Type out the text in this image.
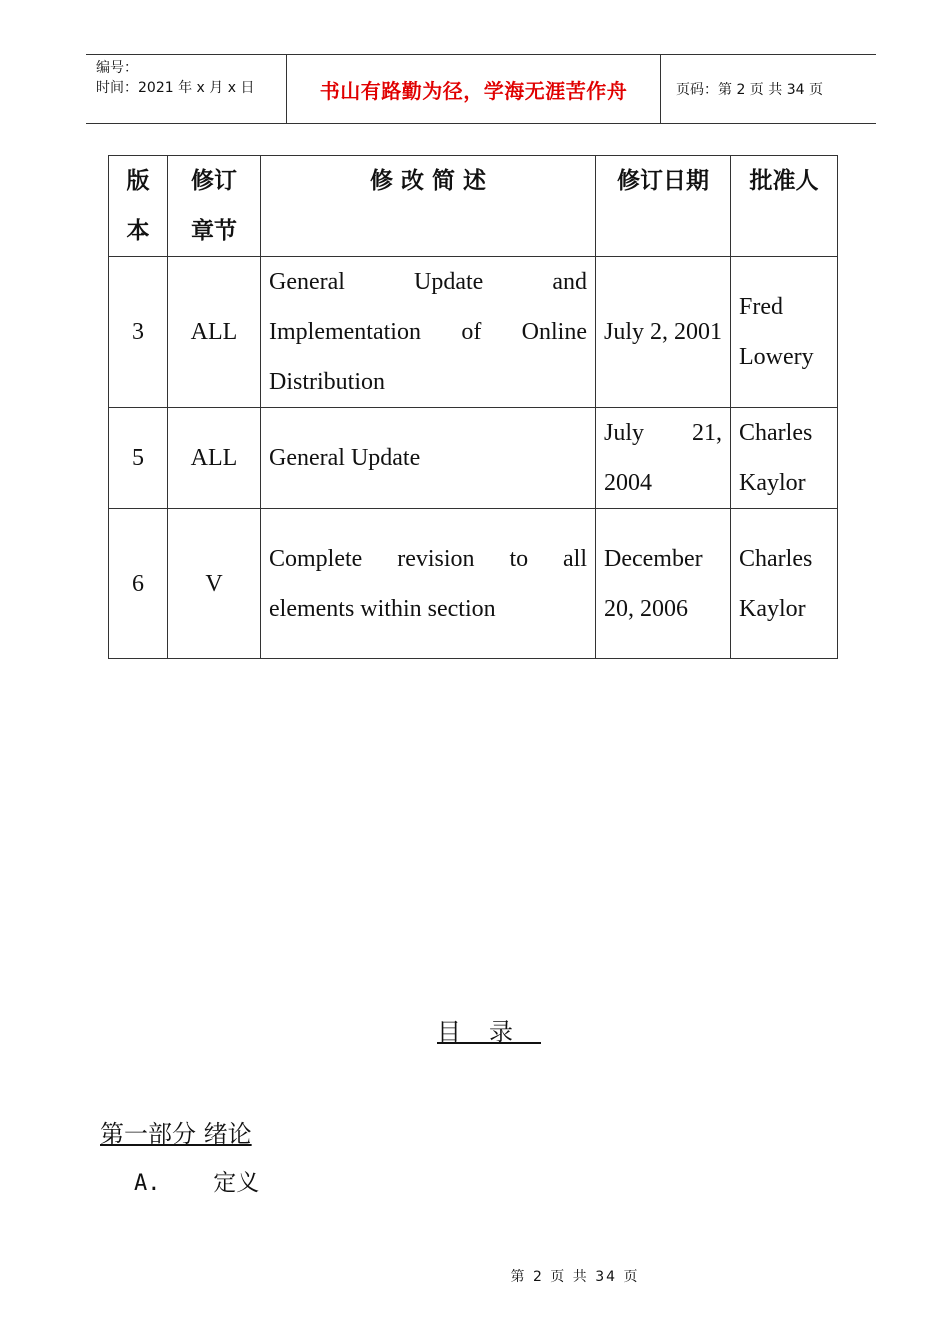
编号：
时间：2021 年 x 月 x 日	书山有路勤为径，学海无涯苦作舟	页码：第 2 页 共 34 页
版本	修订章节	修 改 简 述	修订日期	批准人
3	ALL	General Update and Implementation of Online Distribution	July 2, 2001	Fred Lowery
5	ALL	General Update	July 21, 2004	Charles Kaylor
6	V	Complete revision to all elements within section	December 20, 2006	Charles Kaylor
目录
第一部分 绪论
A. 定义
第 2 页 共 34 页
